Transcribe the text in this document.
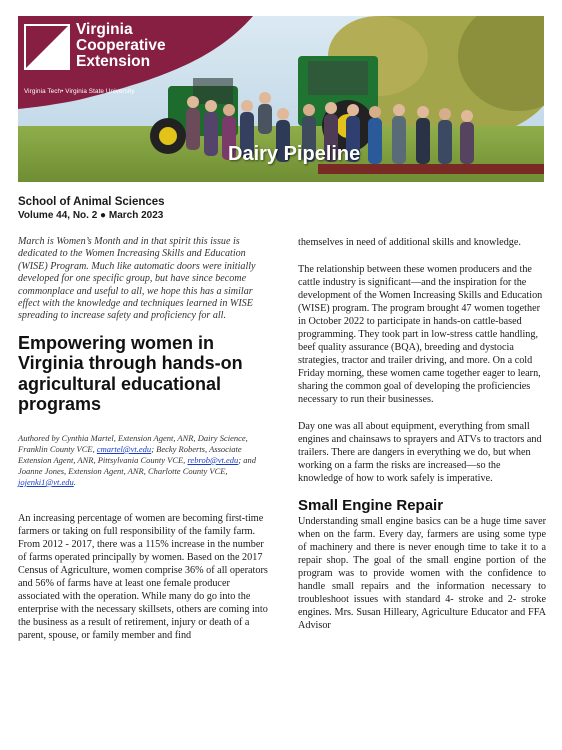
Virginia
Cooperative
Extension
Virginia Tech• Virginia State University
Dairy Pipeline
School of Animal Sciences
Volume 44, No. 2 ● March 2023

March is Women’s Month and in that spirit this issue is dedicated to the Women Increasing Skills and Education (WISE) Program. Much like automatic doors were initially developed for one specific group, but have since become commonplace and useful to all, we hope this has a similar effect with the knowledge and techniques learned in WISE spreading to increase safety and proficiency for all.

Empowering women in Virginia through hands-on agricultural educational programs

Authored by Cynthia Martel, Extension Agent, ANR, Dairy Science, Franklin County VCE, cmartel@vt.edu; Becky Roberts, Associate Extension Agent, ANR, Pittsylvania County VCE, rebrob@vt.edu; and Joanne Jones, Extension Agent, ANR, Charlotte County VCE, jojenki1@vt.edu.

An increasing percentage of women are becoming first-time farmers or taking on full responsibility of the family farm. From 2012 - 2017, there was a 115% increase in the number of farms operated principally by women. Based on the 2017 Census of Agriculture, women comprise 36% of all operators and 56% of farms have at least one female producer associated with the operation. While many do go into the enterprise with the necessary skillsets, others are coming into the business as a result of retirement, injury or death of a parent, spouse, or family member and find

themselves in need of additional skills and knowledge.

The relationship between these women producers and the cattle industry is significant—and the inspiration for the development of the Women Increasing Skills and Education (WISE) program. The program brought 47 women together in October 2022 to participate in hands-on cattle-based programming. They took part in low-stress cattle handling, beef quality assurance (BQA), breeding and dystocia strategies, tractor and trailer driving, and more. On a cold Friday morning, these women came together eager to learn, sharing the common goal of developing the proficiencies necessary to run their businesses.

Day one was all about equipment, everything from small engines and chainsaws to sprayers and ATVs to tractors and trailers. There are dangers in everything we do, but when working on a farm the risks are increased—so the knowledge of how to work safely is imperative.

Small Engine Repair

Understanding small engine basics can be a huge time saver when on the farm. Every day, farmers are using some type of machinery and there is never enough time to take it to a repair shop. The goal of the small engine portion of the program was to provide women with the confidence to handle small repairs and the information necessary to troubleshoot issues with standard 4- stroke and 2- stroke engines. Mrs. Susan Hilleary, Agriculture Educator and FFA Advisor
